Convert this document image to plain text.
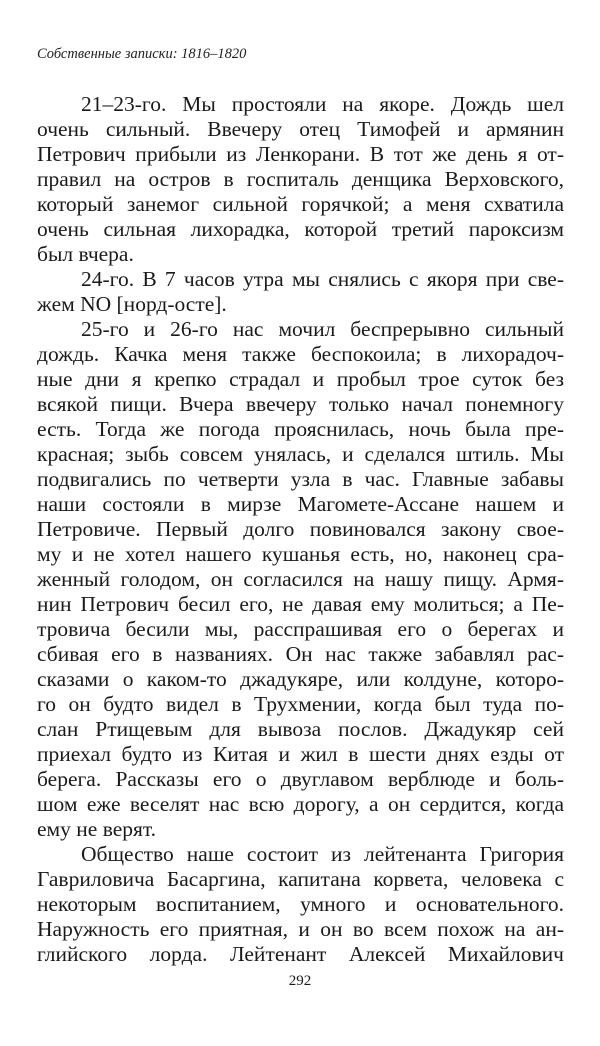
Собственные записки: 1816–1820
21–23-го. Мы простояли на якоре. Дождь шел
очень сильный. Ввечеру отец Тимофей и армянин
Петрович прибыли из Ленкорани. В тот же день я от-
правил на остров в госпиталь денщика Верховского,
который занемог сильной горячкой; а меня схватила
очень сильная лихорадка, которой третий пароксизм
был вчера.
24-го. В 7 часов утра мы снялись с якоря при све-
жем NO [норд-осте].
25-го и 26-го нас мочил беспрерывно сильный
дождь. Качка меня также беспокоила; в лихорадоч-
ные дни я крепко страдал и пробыл трое суток без
всякой пищи. Вчера ввечеру только начал понемногу
есть. Тогда же погода прояснилась, ночь была пре-
красная; зыбь совсем унялась, и сделался штиль. Мы
подвигались по четверти узла в час. Главные забавы
наши состояли в мирзе Магомете-Ассане нашем и
Петровиче. Первый долго повиновался закону свое-
му и не хотел нашего кушанья есть, но, наконец сра-
женный голодом, он согласился на нашу пищу. Армя-
нин Петрович бесил его, не давая ему молиться; а Пе-
тровича бесили мы, расспрашивая его о берегах и
сбивая его в названиях. Он нас также забавлял рас-
сказами о каком-то джадукяре, или колдуне, которо-
го он будто видел в Трухмении, когда был туда по-
слан Ртищевым для вывоза послов. Джадукяр сей
приехал будто из Китая и жил в шести днях езды от
берега. Рассказы его о двуглавом верблюде и боль-
шом еже веселят нас всю дорогу, а он сердится, когда
ему не верят.
Общество наше состоит из лейтенанта Григория
Гавриловича Басаргина, капитана корвета, человека с
некоторым воспитанием, умного и основательного.
Наружность его приятная, и он во всем похож на ан-
глийского лорда. Лейтенант Алексей Михайлович
292
